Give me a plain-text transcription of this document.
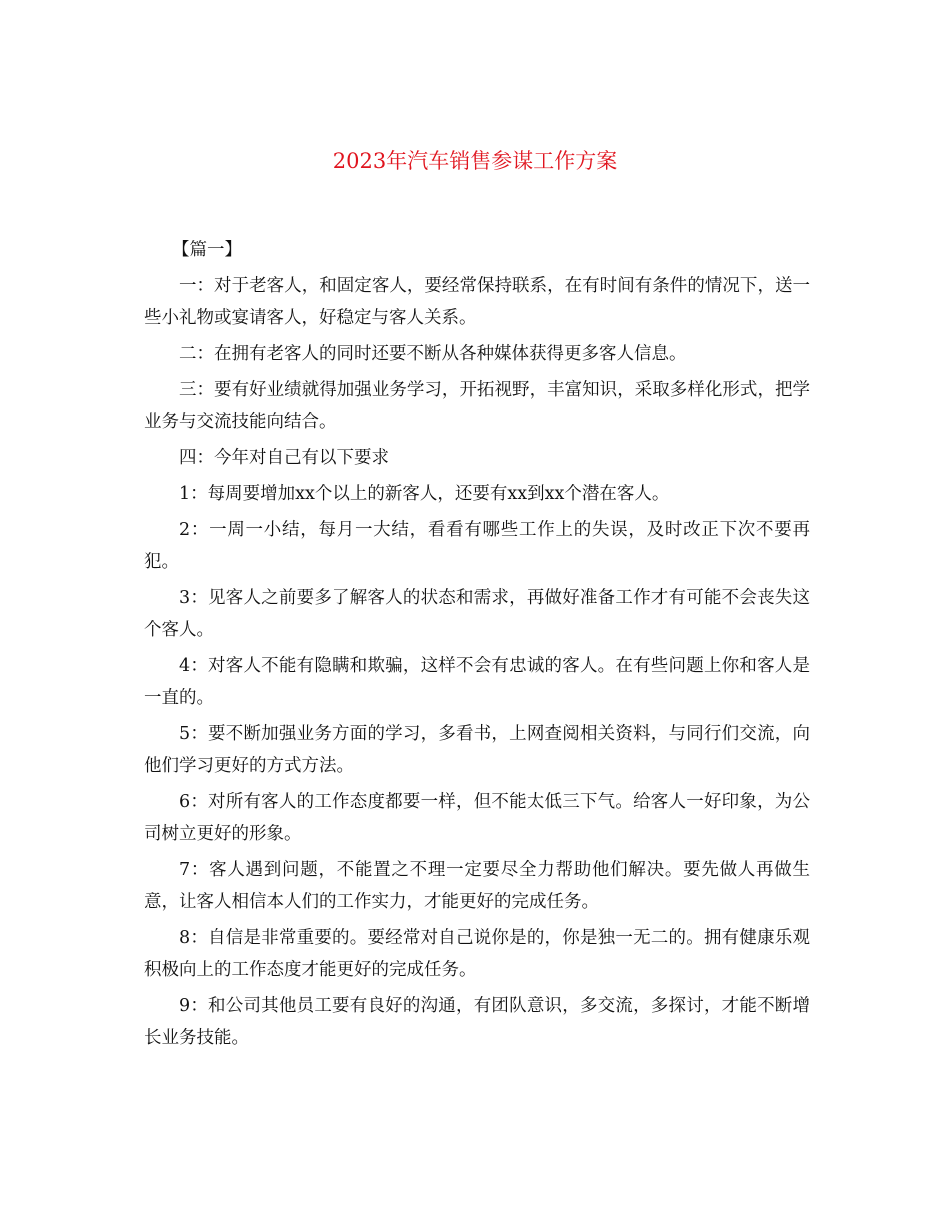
2023年汽车销售参谋工作方案

【篇一】

一：对于老客人，和固定客人，要经常保持联系，在有时间有条件的情况下，送一些小礼物或宴请客人，好稳定与客人关系。

二：在拥有老客人的同时还要不断从各种媒体获得更多客人信息。

三：要有好业绩就得加强业务学习，开拓视野，丰富知识，采取多样化形式，把学业务与交流技能向结合。

四：今年对自己有以下要求

1：每周要增加xx个以上的新客人，还要有xx到xx个潜在客人。

2：一周一小结，每月一大结，看看有哪些工作上的失误，及时改正下次不要再犯。

3：见客人之前要多了解客人的状态和需求，再做好准备工作才有可能不会丧失这个客人。

4：对客人不能有隐瞒和欺骗，这样不会有忠诚的客人。在有些问题上你和客人是一直的。

5：要不断加强业务方面的学习，多看书，上网查阅相关资料，与同行们交流，向他们学习更好的方式方法。

6：对所有客人的工作态度都要一样，但不能太低三下气。给客人一好印象，为公司树立更好的形象。

7：客人遇到问题，不能置之不理一定要尽全力帮助他们解决。要先做人再做生意，让客人相信本人们的工作实力，才能更好的完成任务。

8：自信是非常重要的。要经常对自己说你是的，你是独一无二的。拥有健康乐观积极向上的工作态度才能更好的完成任务。

9：和公司其他员工要有良好的沟通，有团队意识，多交流，多探讨，才能不断增长业务技能。
